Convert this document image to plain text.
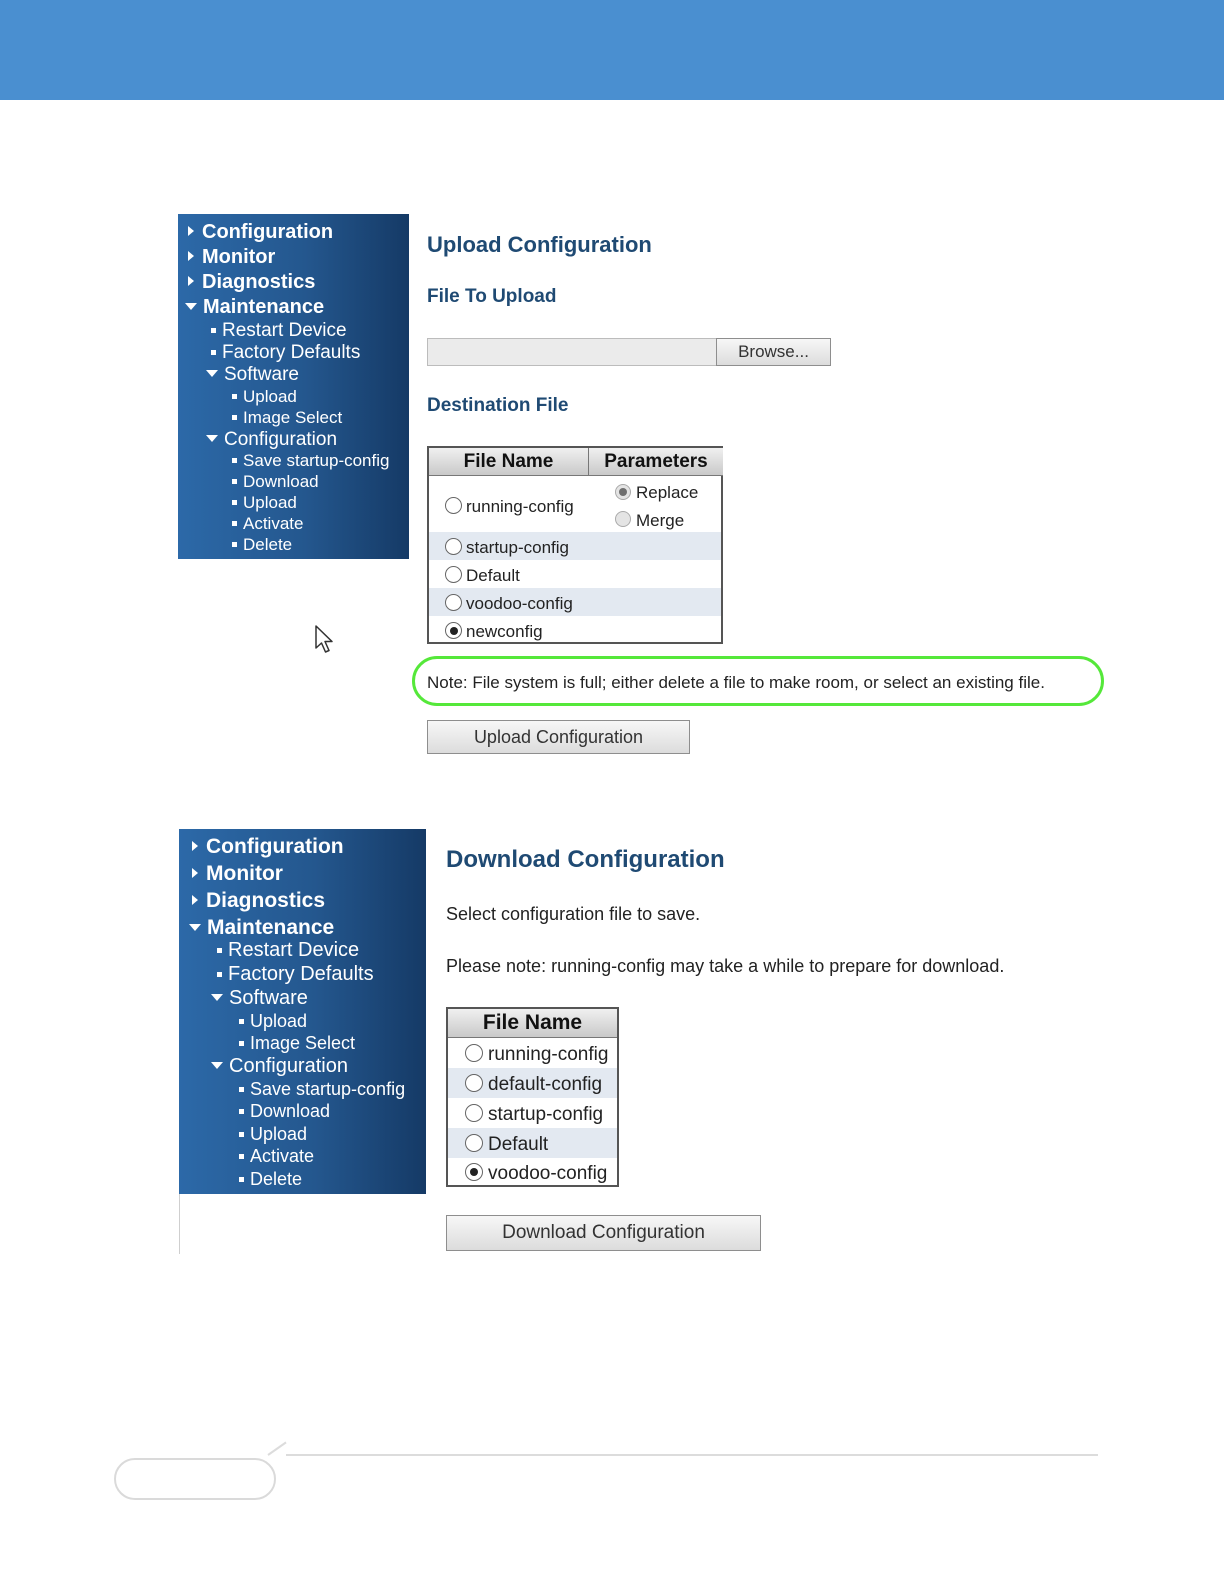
Configuration
Monitor
Diagnostics
Maintenance
Restart Device
Factory Defaults
Software
Upload
Image Select
Configuration
Save startup-config
Download
Upload
Activate
Delete
Upload Configuration
File To Upload
Browse...
Destination File
File Name	Parameters
running-config
Replace
Merge
startup-config
Default
voodoo-config
newconfig
Note: File system is full; either delete a file to make room, or select an existing file.
Upload Configuration
Configuration
Monitor
Diagnostics
Maintenance
Restart Device
Factory Defaults
Software
Upload
Image Select
Configuration
Save startup-config
Download
Upload
Activate
Delete
Download Configuration
Select configuration file to save.
Please note: running-config may take a while to prepare for download.
File Name
running-config
default-config
startup-config
Default
voodoo-config
Download Configuration
